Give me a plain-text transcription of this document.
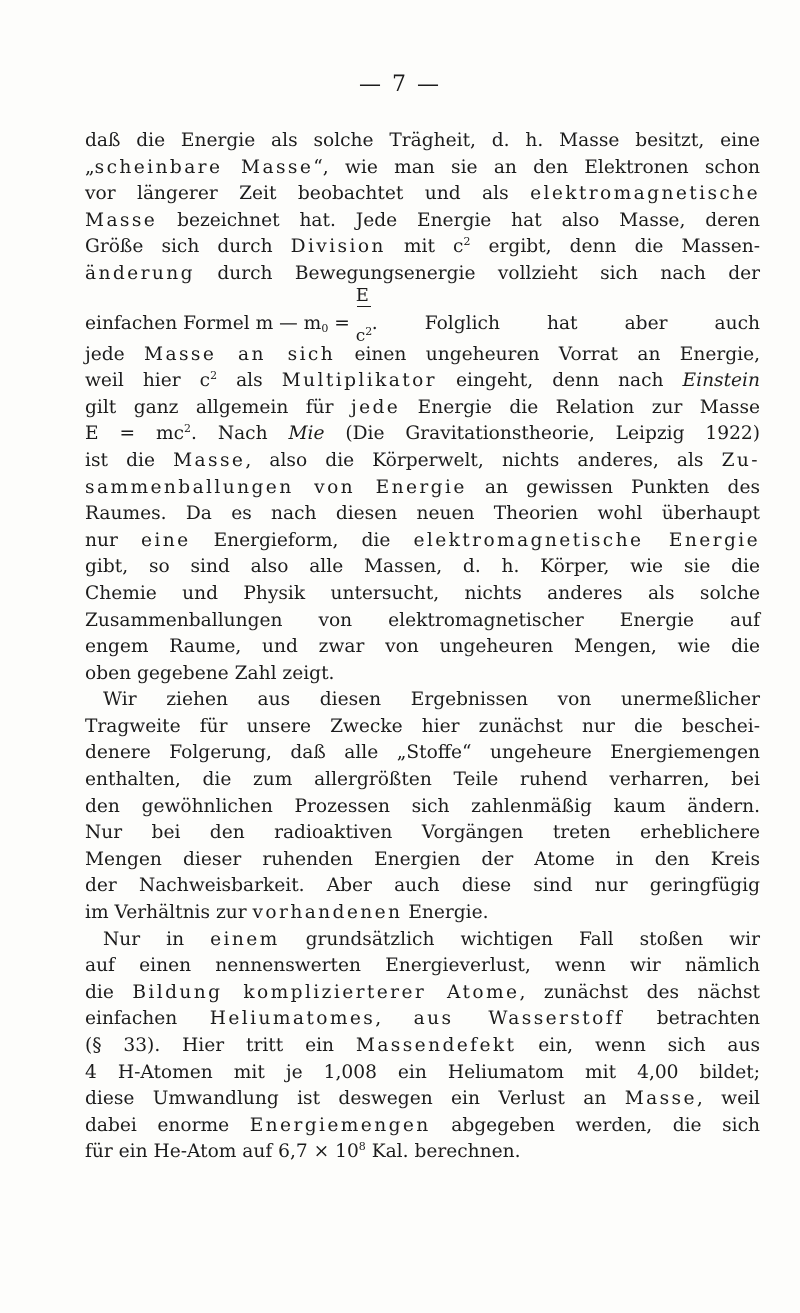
— 7 —
daß die Energie als solche Trägheit, d. h. Masse besitzt, eine
„scheinbare Masse“, wie man sie an den Elektronen schon
vor längerer Zeit beobachtet und als elektromagnetische
Masse bezeichnet hat. Jede Energie hat also Masse, deren
Größe sich durch Division mit $c^2$ ergibt, denn die Massen-
änderung durch Bewegungsenergie vollzieht sich nach der
einfachen Formel m — $m_0 = \frac{E}{c^2}$.	Folglich	hat	aber	auch
jede Masse an sich einen ungeheuren Vorrat an Energie,
weil hier $c^2$ als Multiplikator eingeht, denn nach Einstein
gilt ganz allgemein für jede Energie die Relation zur Masse
$E = mc^2$. Nach Mie (Die Gravitationstheorie, Leipzig 1922)
ist die Masse, also die Körperwelt, nichts anderes, als Zu-
sammenballungen von Energie an gewissen Punkten des
Raumes. Da es nach diesen neuen Theorien wohl überhaupt
nur eine Energieform, die elektromagnetische Energie
gibt, so sind also alle Massen, d. h. Körper, wie sie die
Chemie und Physik untersucht, nichts anderes als solche
Zusammenballungen von elektromagnetischer Energie auf
engem Raume, und zwar von ungeheuren Mengen, wie die
oben gegebene Zahl zeigt.
Wir ziehen aus diesen Ergebnissen von unermeßlicher
Tragweite für unsere Zwecke hier zunächst nur die beschei-
denere Folgerung, daß alle „Stoffe“ ungeheure Energiemengen
enthalten, die zum allergrößten Teile ruhend verharren, bei
den gewöhnlichen Prozessen sich zahlenmäßig kaum ändern.
Nur bei den radioaktiven Vorgängen treten erheblichere
Mengen dieser ruhenden Energien der Atome in den Kreis
der Nachweisbarkeit. Aber auch diese sind nur geringfügig
im Verhältnis zur vorhandenen Energie.
Nur in einem grundsätzlich wichtigen Fall stoßen wir
auf einen nennenswerten Energieverlust, wenn wir nämlich
die Bildung komplizierterer Atome, zunächst des nächst
einfachen Heliumatomes, aus Wasserstoff betrachten
(§ 33). Hier tritt ein Massendefekt ein, wenn sich aus
4 H-Atomen mit je 1,008 ein Heliumatom mit 4,00 bildet;
diese Umwandlung ist deswegen ein Verlust an Masse, weil
dabei enorme Energiemengen abgegeben werden, die sich
für ein He-Atom auf $6,7 \times 10^8$ Kal. berechnen.
